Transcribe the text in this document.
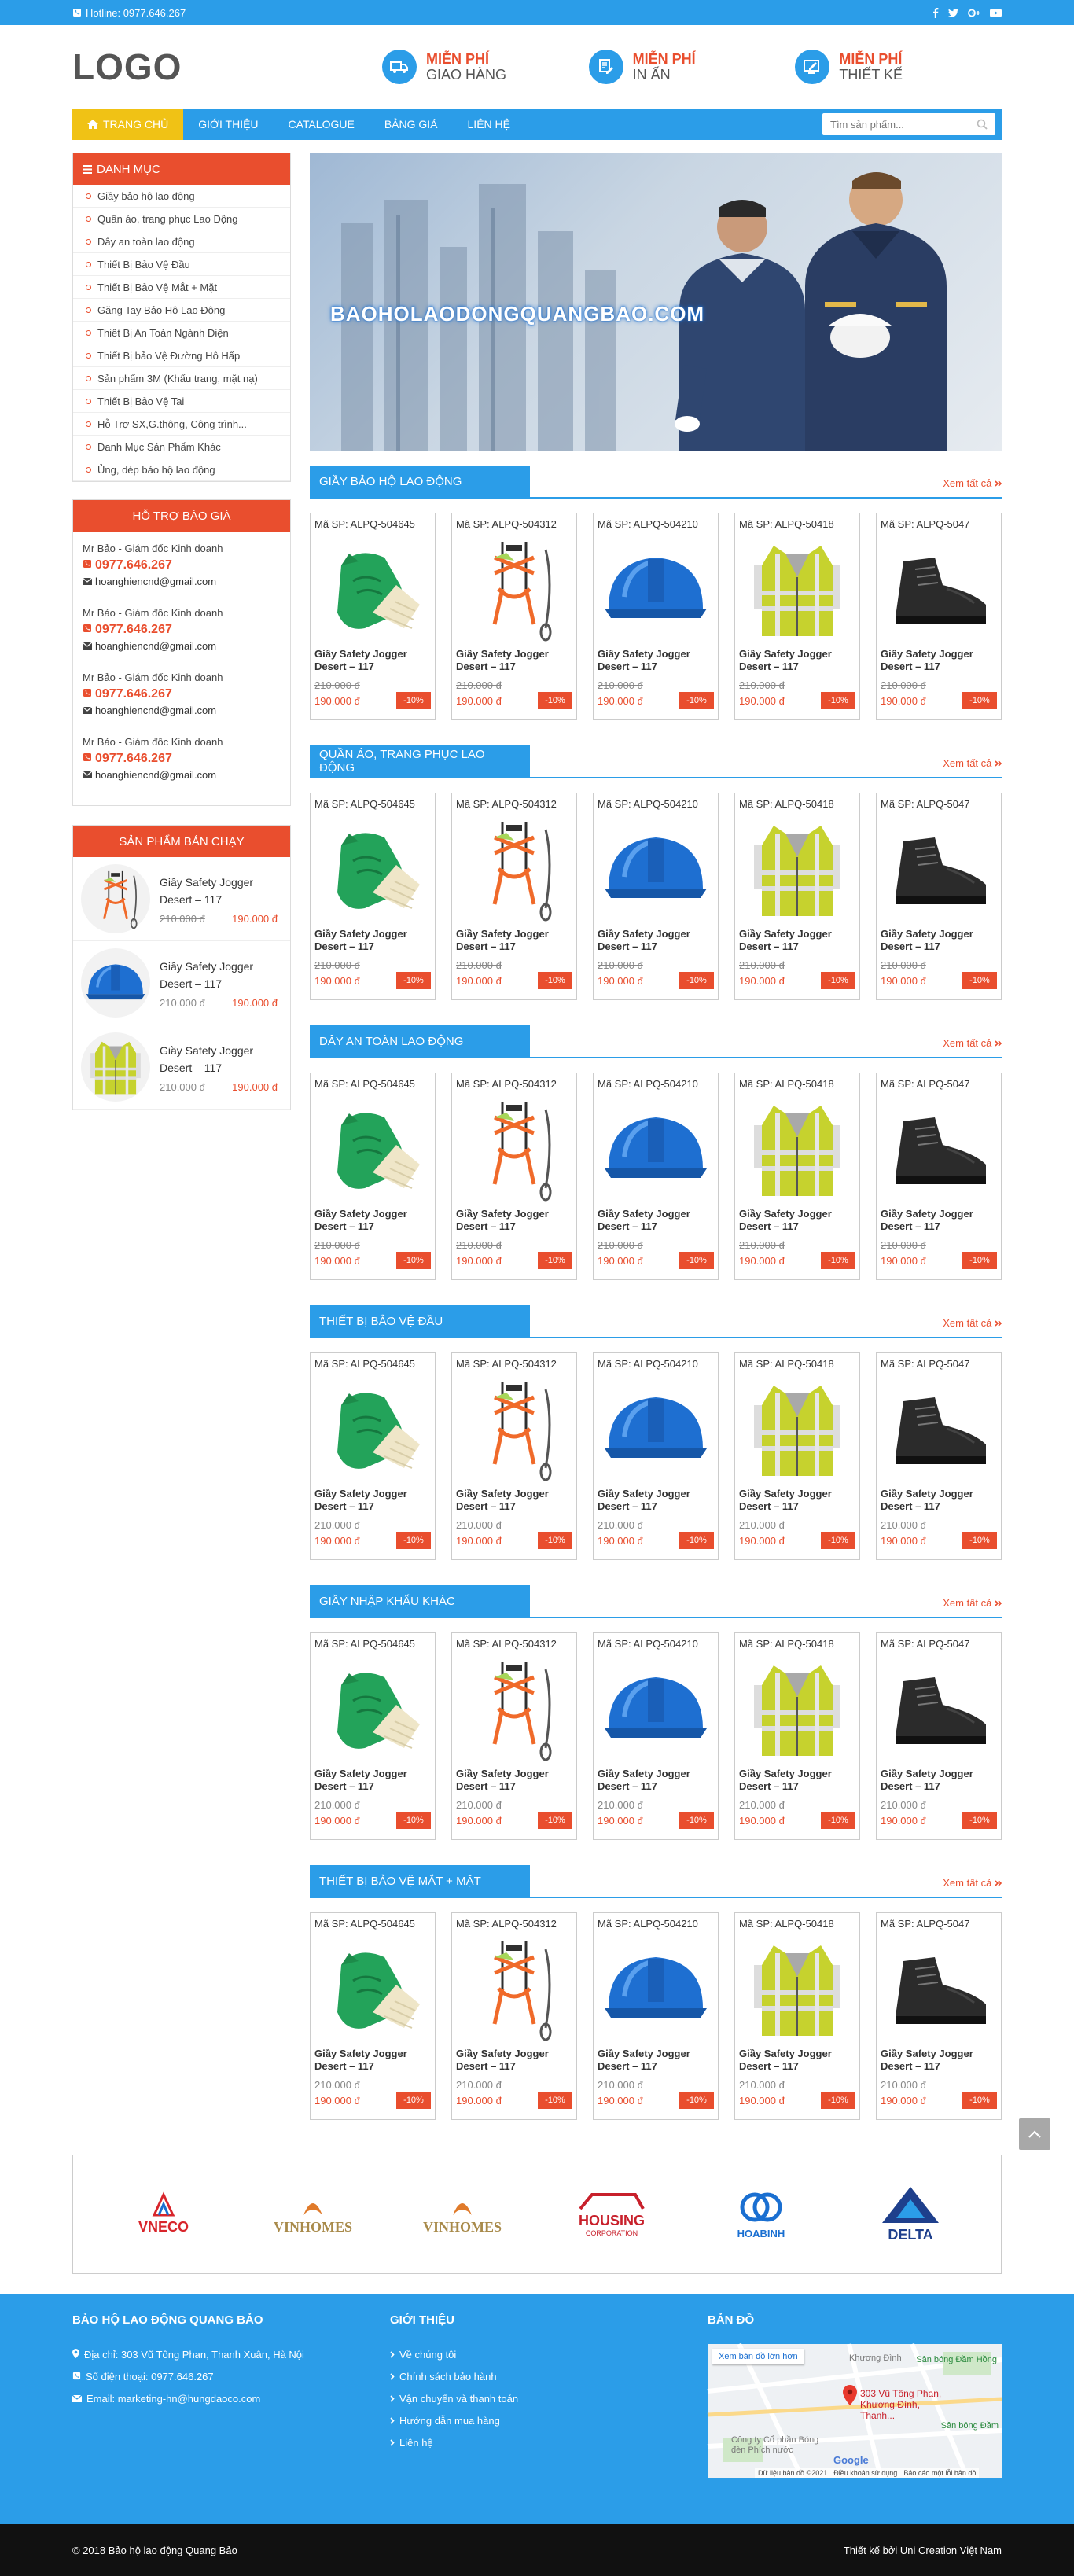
Hotline: 0977.646.267
LOGO	MIỄN PHÍ
GIAO HÀNG
MIỄN PHÍ
IN ẤN
MIỄN PHÍ
THIẾT KẾ
TRANG CHỦ	GIỚI THIỆU	CATALOGUE	BẢNG GIÁ	LIÊN HỆ
Tìm sản phẩm...
DANH MỤC
Giầy bảo hộ lao động
Quần áo, trang phục Lao Động
Dây an toàn lao động
Thiết Bị Bảo Vệ Đầu
Thiết Bị Bảo Vệ Mắt + Mặt
Găng Tay Bảo Hộ Lao Động
Thiết Bị An Toàn Ngành Điện
Thiết Bị bảo Vệ Đường Hô Hấp
Sản phẩm 3M (Khẩu trang, mặt nạ)
Thiết Bị Bảo Vệ Tai
Hỗ Trợ SX,G.thông, Công trình...
Danh Mục Sản Phẩm Khác
Ủng, dép bảo hộ lao động
HỖ TRỢ BÁO GIÁ
Mr Bảo - Giám đốc Kinh doanh
0977.646.267
hoanghiencnd@gmail.com
Mr Bảo - Giám đốc Kinh doanh
0977.646.267
hoanghiencnd@gmail.com
Mr Bảo - Giám đốc Kinh doanh
0977.646.267
hoanghiencnd@gmail.com
Mr Bảo - Giám đốc Kinh doanh
0977.646.267
hoanghiencnd@gmail.com
SẢN PHẨM BÁN CHẠY
Giầy Safety Jogger Desert – 117
210.000 đ	190.000 đ
Giầy Safety Jogger Desert – 117
210.000 đ	190.000 đ
Giầy Safety Jogger Desert – 117
210.000 đ	190.000 đ
BAOHOLAODONGQUANGBAO.COM
GIẦY BẢO HỘ LAO ĐỘNG	Xem tất cả
Mã SP: ALPQ-504645
Giầy Safety Jogger Desert – 117
210.000 đ
190.000 đ	-10%
Mã SP: ALPQ-504312
Giầy Safety Jogger Desert – 117
210.000 đ
190.000 đ	-10%
Mã SP: ALPQ-504210
Giầy Safety Jogger Desert – 117
210.000 đ
190.000 đ	-10%
Mã SP: ALPQ-50418
Giầy Safety Jogger Desert – 117
210.000 đ
190.000 đ	-10%
Mã SP: ALPQ-5047
Giầy Safety Jogger Desert – 117
210.000 đ
190.000 đ	-10%
QUẦN ÁO, TRANG PHỤC LAO ĐỘNG	Xem tất cả
Mã SP: ALPQ-504645
Giầy Safety Jogger Desert – 117
210.000 đ
190.000 đ	-10%
Mã SP: ALPQ-504312
Giầy Safety Jogger Desert – 117
210.000 đ
190.000 đ	-10%
Mã SP: ALPQ-504210
Giầy Safety Jogger Desert – 117
210.000 đ
190.000 đ	-10%
Mã SP: ALPQ-50418
Giầy Safety Jogger Desert – 117
210.000 đ
190.000 đ	-10%
Mã SP: ALPQ-5047
Giầy Safety Jogger Desert – 117
210.000 đ
190.000 đ	-10%
DÂY AN TOÀN LAO ĐỘNG	Xem tất cả
Mã SP: ALPQ-504645
Giầy Safety Jogger Desert – 117
210.000 đ
190.000 đ	-10%
Mã SP: ALPQ-504312
Giầy Safety Jogger Desert – 117
210.000 đ
190.000 đ	-10%
Mã SP: ALPQ-504210
Giầy Safety Jogger Desert – 117
210.000 đ
190.000 đ	-10%
Mã SP: ALPQ-50418
Giầy Safety Jogger Desert – 117
210.000 đ
190.000 đ	-10%
Mã SP: ALPQ-5047
Giầy Safety Jogger Desert – 117
210.000 đ
190.000 đ	-10%
THIẾT BỊ BẢO VỆ ĐẦU	Xem tất cả
Mã SP: ALPQ-504645
Giầy Safety Jogger Desert – 117
210.000 đ
190.000 đ	-10%
Mã SP: ALPQ-504312
Giầy Safety Jogger Desert – 117
210.000 đ
190.000 đ	-10%
Mã SP: ALPQ-504210
Giầy Safety Jogger Desert – 117
210.000 đ
190.000 đ	-10%
Mã SP: ALPQ-50418
Giầy Safety Jogger Desert – 117
210.000 đ
190.000 đ	-10%
Mã SP: ALPQ-5047
Giầy Safety Jogger Desert – 117
210.000 đ
190.000 đ	-10%
GIẦY NHẬP KHẨU KHÁC	Xem tất cả
Mã SP: ALPQ-504645
Giầy Safety Jogger Desert – 117
210.000 đ
190.000 đ	-10%
Mã SP: ALPQ-504312
Giầy Safety Jogger Desert – 117
210.000 đ
190.000 đ	-10%
Mã SP: ALPQ-504210
Giầy Safety Jogger Desert – 117
210.000 đ
190.000 đ	-10%
Mã SP: ALPQ-50418
Giầy Safety Jogger Desert – 117
210.000 đ
190.000 đ	-10%
Mã SP: ALPQ-5047
Giầy Safety Jogger Desert – 117
210.000 đ
190.000 đ	-10%
THIẾT BỊ BẢO VỆ MẮT + MẶT	Xem tất cả
Mã SP: ALPQ-504645
Giầy Safety Jogger Desert – 117
210.000 đ
190.000 đ	-10%
Mã SP: ALPQ-504312
Giầy Safety Jogger Desert – 117
210.000 đ
190.000 đ	-10%
Mã SP: ALPQ-504210
Giầy Safety Jogger Desert – 117
210.000 đ
190.000 đ	-10%
Mã SP: ALPQ-50418
Giầy Safety Jogger Desert – 117
210.000 đ
190.000 đ	-10%
Mã SP: ALPQ-5047
Giầy Safety Jogger Desert – 117
210.000 đ
190.000 đ	-10%
VNECO	VINHOMES	VINHOMES	HOUSING
CORPORATION	HOABINH	DELTA
BẢO HỘ LAO ĐỘNG QUANG BẢO
Địa chỉ: 303 Vũ Tông Phan, Thanh Xuân, Hà Nội
Số điện thoại: 0977.646.267
Email: marketing-hn@hungdaoco.com
GIỚI THIỆU
Về chúng tôi
Chính sách bảo hành
Vận chuyển và thanh toán
Hướng dẫn mua hàng
Liên hệ
BẢN ĐỒ
Xem bản đồ lớn hơn	Sân bóng Đầm Hồng
303 Vũ Tông Phan, Khương Đình, Thanh...
Sân bóng Đầm
Công ty Cổ phần Bóng đèn Phích nước
Khương Đình
Google
Dữ liệu bản đồ ©2021 Điều khoản sử dụng Báo cáo một lỗi bản đồ
© 2018 Bảo hộ lao động Quang Bảo	Thiết kế bởi Uni Creation Việt Nam
